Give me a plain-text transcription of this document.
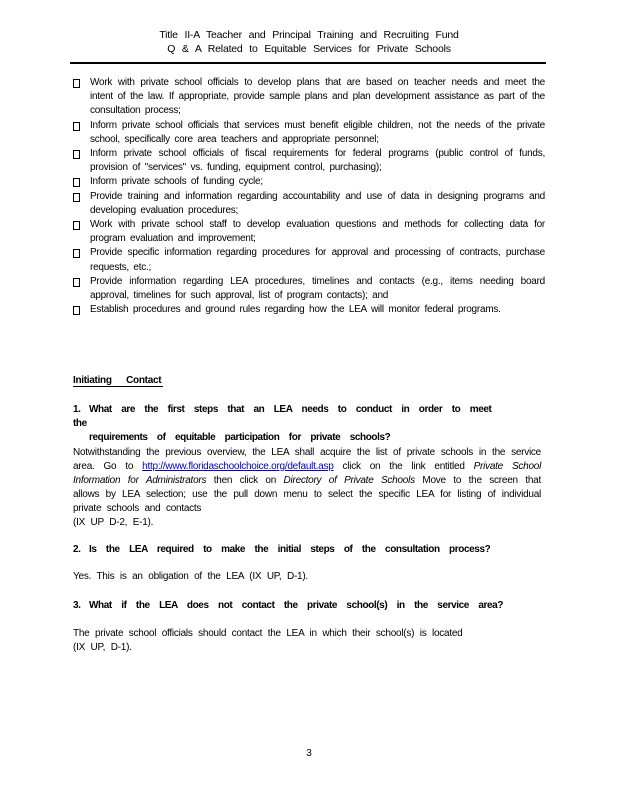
Title II-A Teacher and Principal Training and Recruiting Fund
Q & A Related to Equitable Services for Private Schools
Work with private school officials to develop plans that are based on teacher needs and meet the intent of the law. If appropriate, provide sample plans and plan development assistance as part of the consultation process;
Inform private school officials that services must benefit eligible children, not the needs of the private school, specifically core area teachers and appropriate personnel;
Inform private school officials of fiscal requirements for federal programs (public control of funds, provision of "services" vs. funding, equipment control, purchasing);
Inform private schools of funding cycle;
Provide training and information regarding accountability and use of data in designing programs and developing evaluation procedures;
Work with private school staff to develop evaluation questions and methods for collecting data for program evaluation and improvement;
Provide specific information regarding procedures for approval and processing of contracts, purchase requests, etc.;
Provide information regarding LEA procedures, timelines and contacts (e.g., items needing board approval, timelines for such approval, list of program contacts); and
Establish procedures and ground rules regarding how the LEA will monitor federal programs.
Initiating Contact
1. What are the first steps that an LEA needs to conduct in order to meet the
requirements of equitable participation for private schools?
Notwithstanding the previous overview, the LEA shall acquire the list of private schools in the service area. Go to http://www.floridaschoolchoice.org/default.asp click on the link entitled Private School Information for Administrators then click on Directory of Private Schools Move to the screen that allows by LEA selection; use the pull down menu to select the specific LEA for listing of individual private schools and contacts
(IX UP D-2, E-1).
2. Is the LEA required to make the initial steps of the consultation process?
Yes. This is an obligation of the LEA (IX UP, D-1).
3. What if the LEA does not contact the private school(s) in the service area?
The private school officials should contact the LEA in which their school(s) is located
(IX UP, D-1).
3
